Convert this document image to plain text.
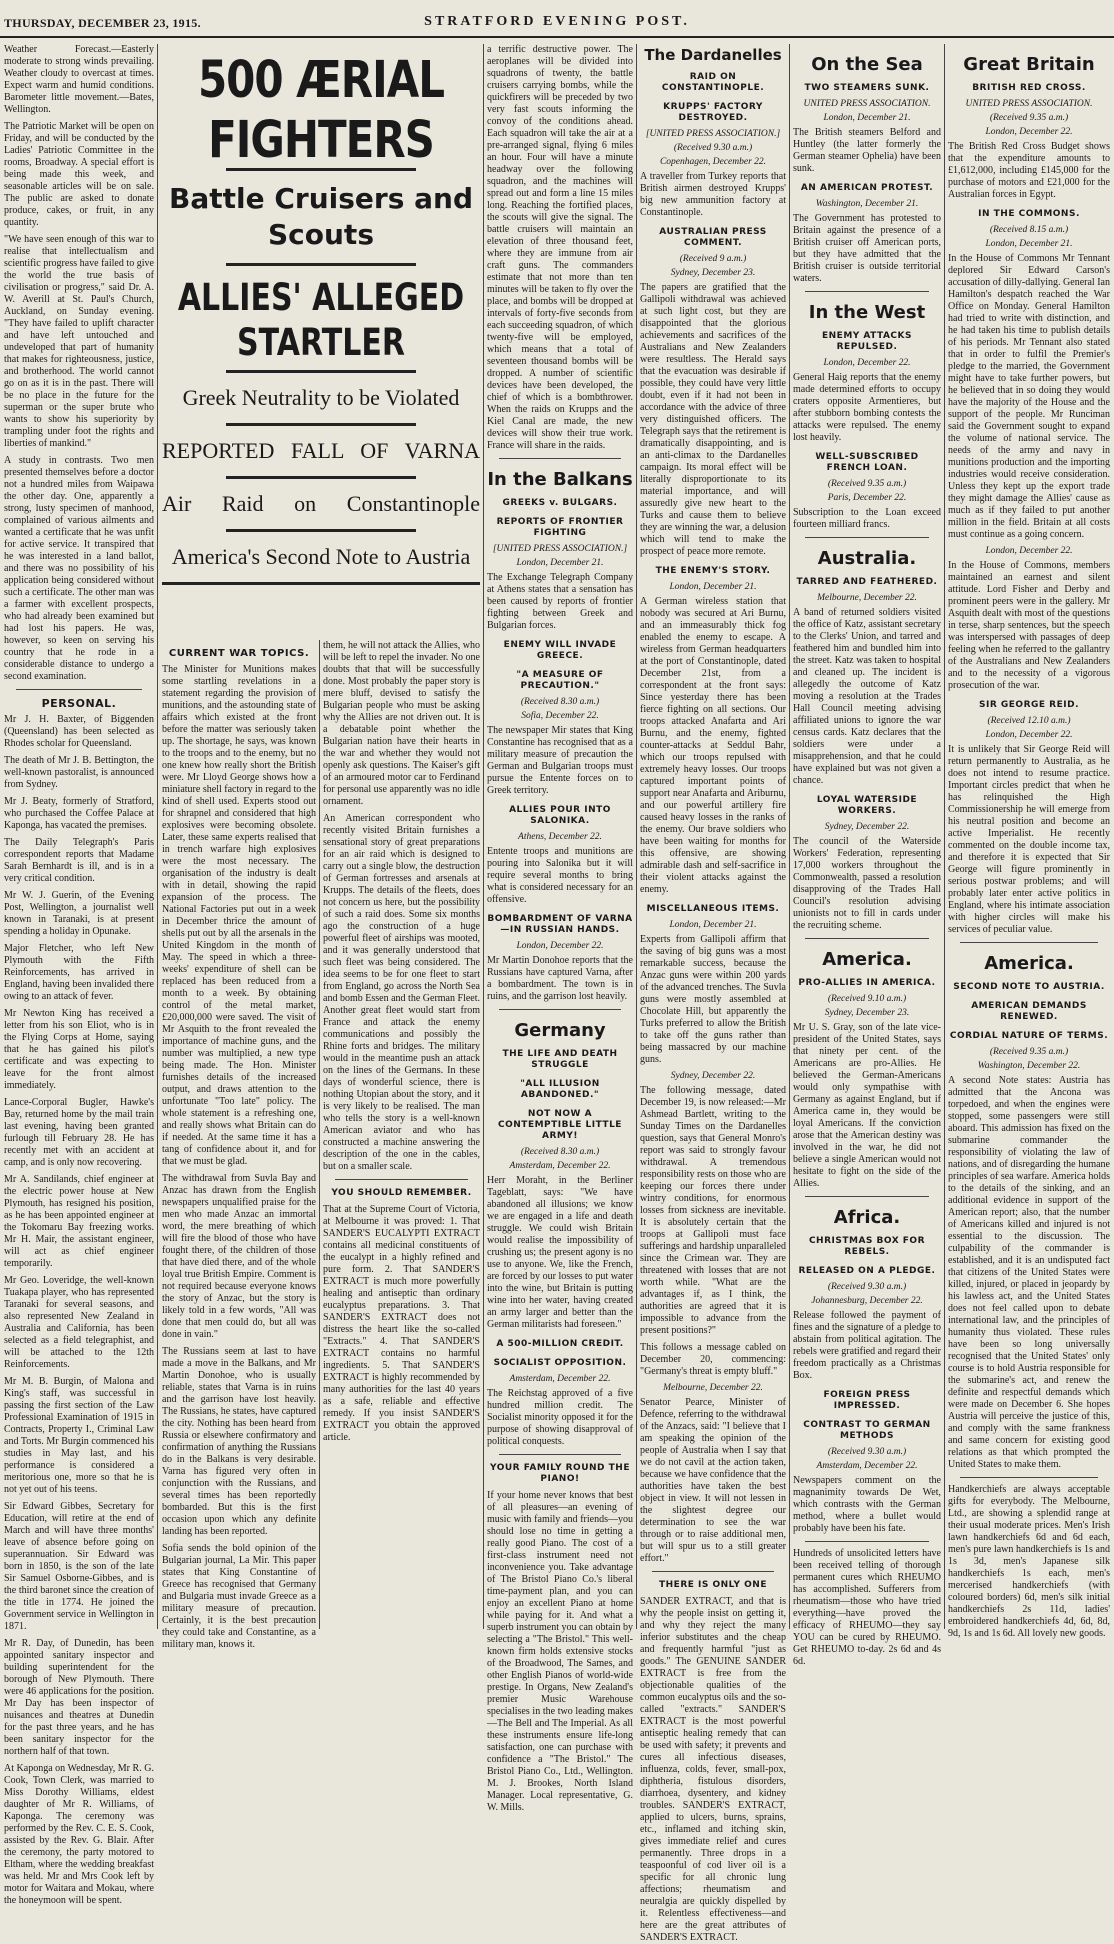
THURSDAY, DECEMBER 23, 1915.	STRATFORD EVENING POST.

Weather Forecast.—Easterly moderate to strong winds prevailing. Weather cloudy to overcast at times. Expect warm and humid conditions. Barometer little movement.—Bates, Wellington.

The Patriotic Market will be open on Friday, and will be conducted by the Ladies' Patriotic Committee in the rooms, Broadway. A special effort is being made this week, and seasonable articles will be on sale. The public are asked to donate produce, cakes, or fruit, in any quantity.

"We have seen enough of this war to realise that intellectualism and scientific progress have failed to give the world the true basis of civilisation or progress," said Dr. A. W. Averill at St. Paul's Church, Auckland, on Sunday evening. "They have failed to uplift character and have left untouched and undeveloped that part of humanity that makes for righteousness, justice, and brotherhood. The world cannot go on as it is in the past. There will be no place in the future for the superman or the super brute who wants to show his superiority by trampling under foot the rights and liberties of mankind."

A study in contrasts. Two men presented themselves before a doctor not a hundred miles from Waipawa the other day. One, apparently a strong, lusty specimen of manhood, complained of various ailments and wanted a certificate that he was unfit for active service. It transpired that he was interested in a land ballot, and there was no possibility of his application being considered without such a certificate. The other man was a farmer with excellent prospects, who had already been examined but had lost his papers. He was, however, so keen on serving his country that he rode in a considerable distance to undergo a second examination.

PERSONAL.

Mr J. H. Baxter, of Biggenden (Queensland) has been selected as Rhodes scholar for Queensland.

The death of Mr J. B. Bettington, the well-known pastoralist, is announced from Sydney.

Mr J. Beaty, formerly of Stratford, who purchased the Coffee Palace at Kaponga, has vacated the premises.

The Daily Telegraph's Paris correspondent reports that Madame Sarah Bernhardt is ill, and is in a very critical condition.

Mr W. J. Guerin, of the Evening Post, Wellington, a journalist well known in Taranaki, is at present spending a holiday in Opunake.

Major Fletcher, who left New Plymouth with the Fifth Reinforcements, has arrived in England, having been invalided there owing to an attack of fever.

Mr Newton King has received a letter from his son Eliot, who is in the Flying Corps at Home, saying that he has gained his pilot's certificate and was expecting to leave for the front almost immediately.

Lance-Corporal Bugler, Hawke's Bay, returned home by the mail train last evening, having been granted furlough till February 28. He has recently met with an accident at camp, and is only now recovering.

Mr A. Sandilands, chief engineer at the electric power house at New Plymouth, has resigned his position, as he has been appointed engineer at the Tokomaru Bay freezing works. Mr H. Mair, the assistant engineer, will act as chief engineer temporarily.

Mr Geo. Loveridge, the well-known Tuakapa player, who has represented Taranaki for several seasons, and also represented New Zealand in Australia and California, has been selected as a field telegraphist, and will be attached to the 12th Reinforcements.

Mr M. B. Burgin, of Malona and King's staff, was successful in passing the first section of the Law Professional Examination of 1915 in Contracts, Property I., Criminal Law and Torts. Mr Burgin commenced his studies in May last, and his performance is considered a meritorious one, more so that he is not yet out of his teens.

Sir Edward Gibbes, Secretary for Education, will retire at the end of March and will have three months' leave of absence before going on superannuation. Sir Edward was born in 1850, is the son of the late Sir Samuel Osborne-Gibbes, and is the third baronet since the creation of the title in 1774. He joined the Government service in Wellington in 1871.

Mr R. Day, of Dunedin, has been appointed sanitary inspector and building superintendent for the borough of New Plymouth. There were 46 applications for the position. Mr Day has been inspector of nuisances and theatres at Dunedin for the past three years, and he has been sanitary inspector for the northern half of that town.

At Kaponga on Wednesday, Mr R. G. Cook, Town Clerk, was married to Miss Dorothy Williams, eldest daughter of Mr R. Williams, of Kaponga. The ceremony was performed by the Rev. C. E. S. Cook, assisted by the Rev. G. Blair. After the ceremony, the party motored to Eltham, where the wedding breakfast was held. Mr and Mrs Cook left by motor for Waitara and Mokau, where the honeymoon will be spent.

500 ÆRIAL FIGHTERS
Battle Cruisers and Scouts
ALLIES' ALLEGED STARTLER
Greek Neutrality to be Violated
REPORTED FALL OF VARNA
Air Raid on Constantinople
America's Second Note to Austria
CURRENT WAR TOPICS.

The Minister for Munitions makes some startling revelations in a statement regarding the provision of munitions, and the astounding state of affairs which existed at the front before the matter was seriously taken up. The shortage, he says, was known to the troops and to the enemy, but no one knew how really short the British were. Mr Lloyd George shows how a miniature shell factory in regard to the kind of shell used. Experts stood out for shrapnel and considered that high explosives were becoming obsolete. Later, these same experts realised that in trench warfare high explosives were the most necessary. The organisation of the industry is dealt with in detail, showing the rapid expansion of the process. The National Factories put out in a week in December thrice the amount of shells put out by all the arsenals in the United Kingdom in the month of May. The speed in which a three-weeks' expenditure of shell can be replaced has been reduced from a month to a week. By obtaining control of the metal market, £20,000,000 were saved. The visit of Mr Asquith to the front revealed the importance of machine guns, and the number was multiplied, a new type being made. The Hon. Minister furnishes details of the increased output, and draws attention to the unfortunate "Too late" policy. The whole statement is a refreshing one, and really shows what Britain can do if needed. At the same time it has a tang of confidence about it, and for that we must be glad.

The withdrawal from Suvla Bay and Anzac has drawn from the English newspapers unqualified praise for the men who made Anzac an immortal word, the mere breathing of which will fire the blood of those who have fought there, of the children of those that have died there, and of the whole loyal true British Empire. Comment is not required because everyone knows the story of Anzac, but the story is likely told in a few words, "All was done that men could do, but all was done in vain."

The Russians seem at last to have made a move in the Balkans, and Mr Martin Donohoe, who is usually reliable, states that Varna is in ruins and the garrison have lost heavily. The Russians, he states, have captured the city. Nothing has been heard from Russia or elsewhere confirmatory and confirmation of anything the Russians do in the Balkans is very desirable. Varna has figured very often in conjunction with the Russians, and several times has been reportedly bombarded. But this is the first occasion upon which any definite landing has been reported.

Sofia sends the bold opinion of the Bulgarian journal, La Mir. This paper states that King Constantine of Greece has recognised that Germany and Bulgaria must invade Greece as a military measure of precaution. Certainly, it is the best precaution they could take and Constantine, as a military man, knows it.

them, he will not attack the Allies, who will be left to repel the invader. No one doubts that that will be successfully done. Most probably the paper story is mere bluff, devised to satisfy the Bulgarian people who must be asking why the Allies are not driven out. It is a debatable point whether the Bulgarian nation have their hearts in the war and whether they would not openly ask questions. The Kaiser's gift of an armoured motor car to Ferdinand for personal use apparently was no idle ornament.

An American correspondent who recently visited Britain furnishes a sensational story of great preparations for an air raid which is designed to carry out a single blow, the destruction of German fortresses and arsenals at Krupps. The details of the fleets, does not concern us here, but the possibility of such a raid does. Some six months ago the construction of a huge powerful fleet of airships was mooted, and it was generally understood that such fleet was being considered. The idea seems to be for one fleet to start from England, go across the North Sea and bomb Essen and the German Fleet. Another great fleet would start from France and attack the enemy communications and possibly the Rhine forts and bridges. The military would in the meantime push an attack on the lines of the Germans. In these days of wonderful science, there is nothing Utopian about the story, and it is very likely to be realised. The man who tells the story is a well-known American aviator and who has constructed a machine answering the description of the one in the cables, but on a smaller scale.

YOU SHOULD REMEMBER.

That at the Supreme Court of Victoria, at Melbourne it was proved: 1. That SANDER'S EUCALYPTI EXTRACT contains all medicinal constituents of the eucalypt in a highly refined and pure form. 2. That SANDER'S EXTRACT is much more powerfully healing and antiseptic than ordinary eucalyptus preparations. 3. That SANDER'S EXTRACT does not distress the heart like the so-called "Extracts." 4. That SANDER'S EXTRACT contains no harmful ingredients. 5. That SANDER'S EXTRACT is highly recommended by many authorities for the last 40 years as a safe, reliable and effective remedy. If you insist SANDER'S EXTRACT you obtain the approved article.

a terrific destructive power. The aeroplanes will be divided into squadrons of twenty, the battle cruisers carrying bombs, while the quickfirers will be preceded by two very fast scouts informing the convoy of the conditions ahead. Each squadron will take the air at a pre-arranged signal, flying 6 miles an hour. Four will have a minute headway over the following squadron, and the machines will spread out and form a line 15 miles long. Reaching the fortified places, the scouts will give the signal. The battle cruisers will maintain an elevation of three thousand feet, where they are immune from air craft guns. The commanders estimate that not more than ten minutes will be taken to fly over the place, and bombs will be dropped at intervals of forty-five seconds from each succeeding squadron, of which twenty-five will be employed, which means that a total of seventeen thousand bombs will be dropped. A number of scientific devices have been developed, the chief of which is a bombthrower. When the raids on Krupps and the Kiel Canal are made, the new devices will show their true work. France will share in the raids.

In the Balkans
GREEKS v. BULGARS.
REPORTS OF FRONTIER FIGHTING
[UNITED PRESS ASSOCIATION.]
London, December 21.

The Exchange Telegraph Company at Athens states that a sensation has been caused by reports of frontier fighting between Greek and Bulgarian forces.

ENEMY WILL INVADE GREECE.
"A MEASURE OF PRECAUTION."
(Received 8.30 a.m.)
Sofia, December 22.

The newspaper Mir states that King Constantine has recognised that as a military measure of precaution the German and Bulgarian troops must pursue the Entente forces on to Greek territory.

ALLIES POUR INTO SALONIKA.
Athens, December 22.

Entente troops and munitions are pouring into Salonika but it will require several months to bring what is considered necessary for an offensive.

BOMBARDMENT OF VARNA—IN RUSSIAN HANDS.
London, December 22.

Mr Martin Donohoe reports that the Russians have captured Varna, after a bombardment. The town is in ruins, and the garrison lost heavily.

Germany
THE LIFE AND DEATH STRUGGLE
"ALL ILLUSION ABANDONED."
NOT NOW A CONTEMPTIBLE LITTLE ARMY!
(Received 8.30 a.m.)
Amsterdam, December 22.

Herr Moraht, in the Berliner Tageblatt, says: "We have abandoned all illusions; we know we are engaged in a life and death struggle. We could wish Britain would realise the impossibility of crushing us; the present agony is no use to anyone. We, like the French, are forced by our losses to put water into the wine, but Britain is putting wine into her water, having created an army larger and better than the German militarists had foreseen."

A 500-MILLION CREDIT.
SOCIALIST OPPOSITION.
Amsterdam, December 22.

The Reichstag approved of a five hundred million credit. The Socialist minority opposed it for the purpose of showing disapproval of political conquests.

YOUR FAMILY ROUND THE PIANO!

If your home never knows that best of all pleasures—an evening of music with family and friends—you should lose no time in getting a really good Piano. The cost of a first-class instrument need not inconvenience you. Take advantage of The Bristol Piano Co.'s liberal time-payment plan, and you can enjoy an excellent Piano at home while paying for it. And what a superb instrument you can obtain by selecting a "The Bristol." This well-known firm holds extensive stocks of the Broadwood, The Sames, and other English Pianos of world-wide prestige. In Organs, New Zealand's premier Music Warehouse specialises in the two leading makes—The Bell and The Imperial. As all these instruments ensure life-long satisfaction, one can purchase with confidence a "The Bristol." The Bristol Piano Co., Ltd., Wellington. M. J. Brookes, North Island Manager. Local representative, G. W. Mills.

The Dardanelles
RAID ON CONSTANTINOPLE.
KRUPPS' FACTORY DESTROYED.
[UNITED PRESS ASSOCIATION.]
(Received 9.30 a.m.)
Copenhagen, December 22.

A traveller from Turkey reports that British airmen destroyed Krupps' big new ammunition factory at Constantinople.

AUSTRALIAN PRESS COMMENT.
(Received 9 a.m.)
Sydney, December 23.

The papers are gratified that the Gallipoli withdrawal was achieved at such light cost, but they are disappointed that the glorious achievements and sacrifices of the Australians and New Zealanders were resultless. The Herald says that the evacuation was desirable if possible, they could have very little doubt, even if it had not been in accordance with the advice of three very distinguished officers. The Telegraph says that the retirement is dramatically disappointing, and is an anti-climax to the Dardanelles campaign. Its moral effect will be literally disproportionate to its material importance, and will assuredly give new heart to the Turks and cause them to believe they are winning the war, a delusion which will tend to make the prospect of peace more remote.

THE ENEMY'S STORY.
London, December 21.

A German wireless station that nobody was secured at Ari Burnu, and an immeasurably thick fog enabled the enemy to escape. A wireless from German headquarters at the port of Constantinople, dated December 21st, from a correspondent at the front says: Since yesterday there has been fierce fighting on all sections. Our troops attacked Anafarta and Ari Burnu, and the enemy, fighted counter-attacks at Seddul Bahr, which our troops repulsed with extremely heavy losses. Our troops captured important points of support near Anafarta and Ariburnu, and our powerful artillery fire caused heavy losses in the ranks of the enemy. Our brave soldiers who have been waiting for months for this offensive, are showing admirable dash and self-sacrifice in their violent attacks against the enemy.

MISCELLANEOUS ITEMS.
London, December 21.

Experts from Gallipoli affirm that the saving of big guns was a most remarkable success, because the Anzac guns were within 200 yards of the advanced trenches. The Suvla guns were mostly assembled at Chocolate Hill, but apparently the Turks preferred to allow the British to take off the guns rather than being massacred by our machine guns.

Sydney, December 22.

The following message, dated December 19, is now released:—Mr Ashmead Bartlett, writing to the Sunday Times on the Dardanelles question, says that General Monro's report was said to strongly favour withdrawal. A tremendous responsibility rests on those who are keeping our forces there under wintry conditions, for enormous losses from sickness are inevitable. It is absolutely certain that the troops at Gallipoli must face sufferings and hardship unparalleled since the Crimean war. They are threatened with losses that are not worth while. "What are the advantages if, as I think, the authorities are agreed that it is impossible to advance from the present positions?"

This follows a message cabled on December 20, commencing: "Germany's threat is empty bluff."

Melbourne, December 22.

Senator Pearce, Minister of Defence, referring to the withdrawal of the Anzacs, said: "I believe that I am speaking the opinion of the people of Australia when I say that we do not cavil at the action taken, because we have confidence that the authorities have taken the best object in view. It will not lessen in the slightest degree our determination to see the war through or to raise additional men, but will spur us to a still greater effort."

THERE IS ONLY ONE

SANDER EXTRACT, and that is why the people insist on getting it, and why they reject the many inferior substitutes and the cheap and frequently harmful "just as goods." The GENUINE SANDER EXTRACT is free from the objectionable qualities of the common eucalyptus oils and the so-called "extracts." SANDER'S EXTRACT is the most powerful antiseptic healing remedy that can be used with safety; it prevents and cures all infectious diseases, influenza, colds, fever, small-pox, diphtheria, fistulous disorders, diarrhoea, dysentery, and kidney troubles. SANDER'S EXTRACT, applied to ulcers, burns, sprains, etc., inflamed and itching skin, gives immediate relief and cures permanently. Three drops in a teaspoonful of cod liver oil is a specific for all chronic lung affections; rheumatism and neuralgia are quickly dispelled by it. Relentless effectiveness—and here are the great attributes of SANDER'S EXTRACT.

On the Sea
TWO STEAMERS SUNK.
UNITED PRESS ASSOCIATION.
London, December 21.

The British steamers Belford and Huntley (the latter formerly the German steamer Ophelia) have been sunk.

AN AMERICAN PROTEST.
Washington, December 21.

The Government has protested to Britain against the presence of a British cruiser off American ports, but they have admitted that the British cruiser is outside territorial waters.

In the West
ENEMY ATTACKS REPULSED.
London, December 22.

General Haig reports that the enemy made determined efforts to occupy craters opposite Armentieres, but after stubborn bombing contests the attacks were repulsed. The enemy lost heavily.

WELL-SUBSCRIBED FRENCH LOAN.
(Received 9.35 a.m.)
Paris, December 22.

Subscription to the Loan exceed fourteen milliard francs.

Australia.
TARRED AND FEATHERED.
Melbourne, December 22.

A band of returned soldiers visited the office of Katz, assistant secretary to the Clerks' Union, and tarred and feathered him and bundled him into the street. Katz was taken to hospital and cleaned up. The incident is allegedly the outcome of Katz moving a resolution at the Trades Hall Council meeting advising affiliated unions to ignore the war census cards. Katz declares that the soldiers were under a misapprehension, and that he could have explained but was not given a chance.

LOYAL WATERSIDE WORKERS.
Sydney, December 22.

The council of the Waterside Workers' Federation, representing 17,000 workers throughout the Commonwealth, passed a resolution disapproving of the Trades Hall Council's resolution advising unionists not to fill in cards under the recruiting scheme.

America.
PRO-ALLIES IN AMERICA.
(Received 9.10 a.m.)
Sydney, December 23.

Mr U. S. Gray, son of the late vice-president of the United States, says that ninety per cent. of the Americans are pro-Allies. He believed the German-Americans would only sympathise with Germany as against England, but if America came in, they would be loyal Americans. If the conviction arose that the American destiny was involved in the war, he did not believe a single American would not hesitate to fight on the side of the Allies.

Africa.
CHRISTMAS BOX FOR REBELS.
RELEASED ON A PLEDGE.
(Received 9.30 a.m.)
Johannesburg, December 22.

Release followed the payment of fines and the signature of a pledge to abstain from political agitation. The rebels were gratified and regard their freedom practically as a Christmas Box.

FOREIGN PRESS IMPRESSED.
CONTRAST TO GERMAN METHODS
(Received 9.30 a.m.)
Amsterdam, December 22.

Newspapers comment on the magnanimity towards De Wet, which contrasts with the German method, where a bullet would probably have been his fate.

Hundreds of unsolicited letters have been received telling of thorough permanent cures which RHEUMO has accomplished. Sufferers from rheumatism—those who have tried everything—have proved the efficacy of RHEUMO—they say YOU can be cured by RHEUMO. Get RHEUMO to-day. 2s 6d and 4s 6d.

Great Britain
BRITISH RED CROSS.
UNITED PRESS ASSOCIATION.
(Received 9.35 a.m.)
London, December 22.

The British Red Cross Budget shows that the expenditure amounts to £1,612,000, including £145,000 for the purchase of motors and £21,000 for the Australian forces in Egypt.

IN THE COMMONS.
(Received 8.15 a.m.)
London, December 21.

In the House of Commons Mr Tennant deplored Sir Edward Carson's accusation of dilly-dallying. General Ian Hamilton's despatch reached the War Office on Monday. General Hamilton had tried to write with distinction, and he had taken his time to publish details of his periods. Mr Tennant also stated that in order to fulfil the Premier's pledge to the married, the Government might have to take further powers, but he believed that in so doing they would have the majority of the House and the support of the people. Mr Runciman said the Government sought to expand the volume of national service. The needs of the army and navy in munitions production and the importing industries would receive consideration. Unless they kept up the export trade they might damage the Allies' cause as much as if they failed to put another million in the field. Britain at all costs must continue as a going concern.

London, December 22.

In the House of Commons, members maintained an earnest and silent attitude. Lord Fisher and Derby and prominent peers were in the gallery. Mr Asquith dealt with most of the questions in terse, sharp sentences, but the speech was interspersed with passages of deep feeling when he referred to the gallantry of the Australians and New Zealanders and to the necessity of a vigorous prosecution of the war.

SIR GEORGE REID.
(Received 12.10 a.m.)
London, December 22.

It is unlikely that Sir George Reid will return permanently to Australia, as he does not intend to resume practice. Important circles predict that when he has relinquished the High Commissionership he will emerge from his neutral position and become an active Imperialist. He recently commented on the double income tax, and therefore it is expected that Sir George will figure prominently in serious postwar problems; and will probably later enter active politics in England, where his intimate association with higher circles will make his services of peculiar value.

America.
SECOND NOTE TO AUSTRIA.
AMERICAN DEMANDS RENEWED.
CORDIAL NATURE OF TERMS.
(Received 9.35 a.m.)
Washington, December 22.

A second Note states: Austria has admitted that the Ancona was torpedoed, and when the engines were stopped, some passengers were still aboard. This admission has fixed on the submarine commander the responsibility of violating the law of nations, and of disregarding the humane principles of sea warfare. America holds to the details of the sinking, and an additional evidence in support of the American report; also, that the number of Americans killed and injured is not essential to the discussion. The culpability of the commander is established, and it is an undisputed fact that citizens of the United States were killed, injured, or placed in jeopardy by his lawless act, and the United States does not feel called upon to debate international law, and the principles of humanity thus violated. These rules have been so long universally recognised that the United States' only course is to hold Austria responsible for the submarine's act, and renew the definite and respectful demands which were made on December 6. She hopes Austria will perceive the justice of this, and comply with the same frankness and same concern for existing good relations as that which prompted the United States to make them.

Handkerchiefs are always acceptable gifts for everybody. The Melbourne, Ltd., are showing a splendid range at their usual moderate prices. Men's Irish lawn handkerchiefs 6d and 6d each, men's pure lawn handkerchiefs is 1s and 1s 3d, men's Japanese silk handkerchiefs 1s each, men's mercerised handkerchiefs (with coloured borders) 6d, men's silk initial handkerchiefs 2s 11d, ladies' embroidered handkerchiefs 4d, 6d, 8d, 9d, 1s and 1s 6d. All lovely new goods.
